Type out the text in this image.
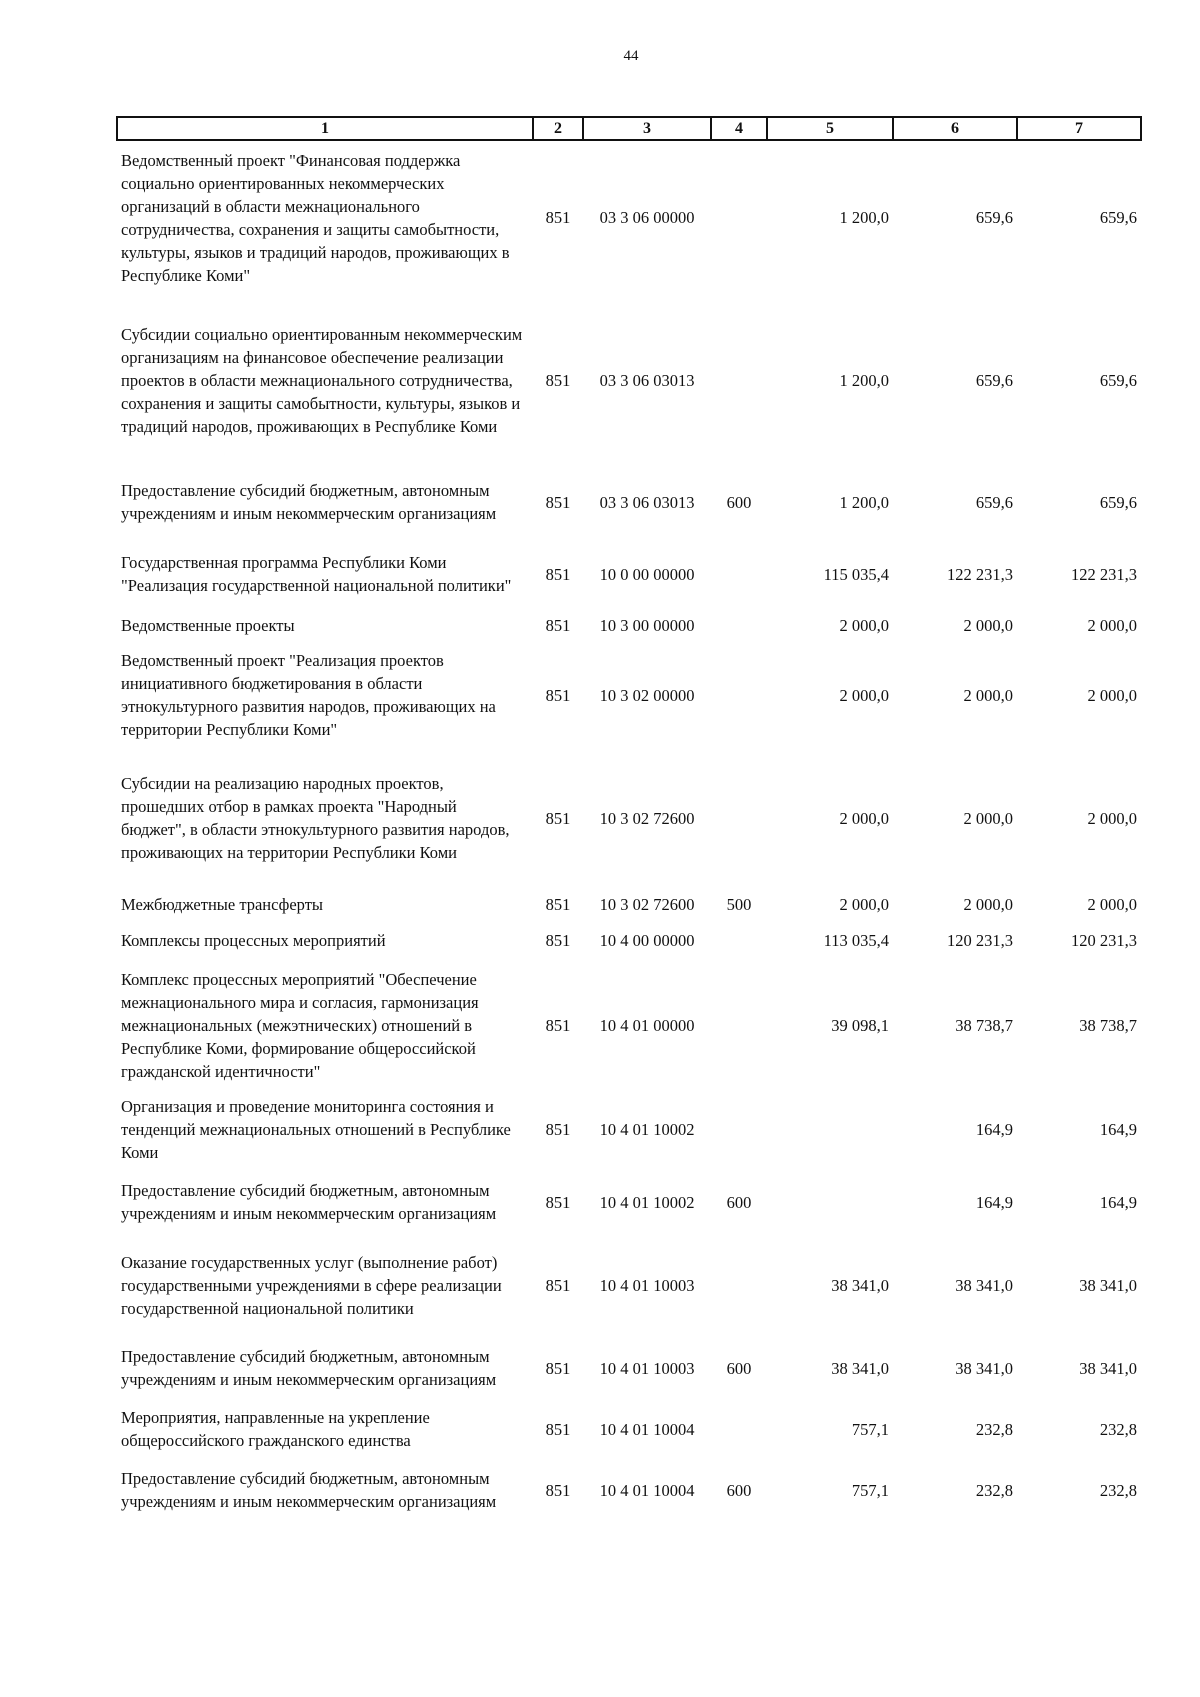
44
1	2	3	4	5	6	7
Ведомственный проект "Финансовая поддержка социально ориентированных некоммерческих организаций в области межнационального сотрудничества, сохранения и защиты самобытности, культуры, языков и традиций народов, проживающих в Республике Коми"	851	03 3 06 00000		1 200,0	659,6	659,6
Субсидии социально ориентированным некоммерческим организациям на финансовое обеспечение реализации проектов в области межнационального сотрудничества, сохранения и защиты самобытности, культуры, языков и традиций народов, проживающих в Республике Коми	851	03 3 06 03013		1 200,0	659,6	659,6
Предоставление субсидий бюджетным, автономным учреждениям и иным некоммерческим организациям	851	03 3 06 03013	600	1 200,0	659,6	659,6
Государственная программа Республики Коми "Реализация государственной национальной политики"	851	10 0 00 00000		115 035,4	122 231,3	122 231,3
Ведомственные проекты	851	10 3 00 00000		2 000,0	2 000,0	2 000,0
Ведомственный проект "Реализация проектов инициативного бюджетирования в области этнокультурного развития народов, проживающих на территории Республики Коми"	851	10 3 02 00000		2 000,0	2 000,0	2 000,0
Субсидии на реализацию народных проектов, прошедших отбор в рамках проекта "Народный бюджет", в области этнокультурного развития народов, проживающих на территории Республики Коми	851	10 3 02 72600		2 000,0	2 000,0	2 000,0
Межбюджетные трансферты	851	10 3 02 72600	500	2 000,0	2 000,0	2 000,0
Комплексы процессных мероприятий	851	10 4 00 00000		113 035,4	120 231,3	120 231,3
Комплекс процессных мероприятий "Обеспечение межнационального мира и согласия, гармонизация межнациональных (межэтнических) отношений в Республике Коми, формирование общероссийской гражданской идентичности"	851	10 4 01 00000		39 098,1	38 738,7	38 738,7
Организация и проведение мониторинга состояния и тенденций межнациональных отношений в Республике Коми	851	10 4 01 10002			164,9	164,9
Предоставление субсидий бюджетным, автономным учреждениям и иным некоммерческим организациям	851	10 4 01 10002	600		164,9	164,9
Оказание государственных услуг (выполнение работ) государственными учреждениями в сфере реализации государственной национальной политики	851	10 4 01 10003		38 341,0	38 341,0	38 341,0
Предоставление субсидий бюджетным, автономным учреждениям и иным некоммерческим организациям	851	10 4 01 10003	600	38 341,0	38 341,0	38 341,0
Мероприятия, направленные на укрепление общероссийского гражданского единства	851	10 4 01 10004		757,1	232,8	232,8
Предоставление субсидий бюджетным, автономным учреждениям и иным некоммерческим организациям	851	10 4 01 10004	600	757,1	232,8	232,8
